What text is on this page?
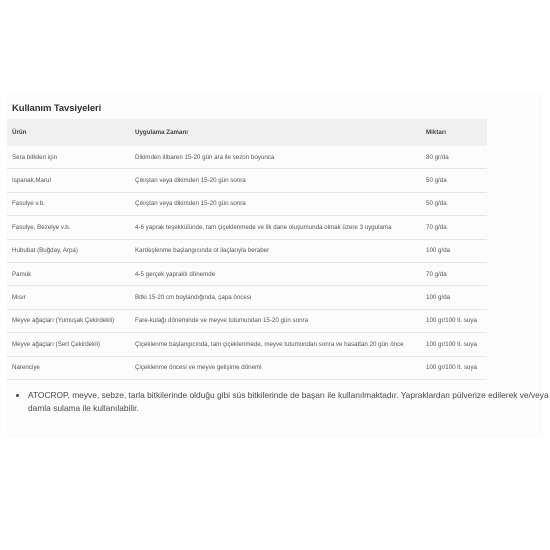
Kullanım Tavsiyeleri
Ürün	Uygulama Zamanı	Miktarı
Sera bitkileri için	Dikimden itibaren 15-20 gün ara ile sezon boyunca	80 gr/da
Ispanak,Marul	Çıkıştan veya dikimden 15-20 gün sonra	50 g/da
Fasulye v.b.	Çıkıştan veya dikimden 15-20 gün sonra	50 g/da
Fasulye, Bezelye v.b.	4-6 yaprak teşekkülünde, tam çiçeklenmede ve ilk dane oluşumunda olmak üzere 3 uygulama	70 g/da
Hububat (Buğday, Arpa)	Kardeşlenme başlangıcında ot ilaçlarıyla beraber	100 g/da
Pamuk	4-5 gerçek yapraklı dönemde	70 g/da
Mısır	Bitki 15-20 cm boylandığında, çapa öncesi	100 g/da
Meyve ağaçları (Yumuşak Çekirdekli)	Fare-kulağı döneminde ve meyve tutumundan 15-20 gün sonra	100 gr/100 lt. suya
Meyve ağaçları (Sert Çekirdekli)	Çiçeklenme başlangıcında, tam çiçeklenmede, meyve tutumundan sonra ve hasattan 20 gün önce	100 gr/100 lt. suya
Narenciye	Çiçeklenme öncesi ve meyve gelişime dönemi	100 gr/100 lt. suya
• ATOCROP, meyve, sebze, tarla bitkilerinde olduğu gibi süs bitkilerinde de başarı ile kullanılmaktadır. Yapraklardan pülverize edilerek ve/veya damla sulama ile kullanılabilir.
